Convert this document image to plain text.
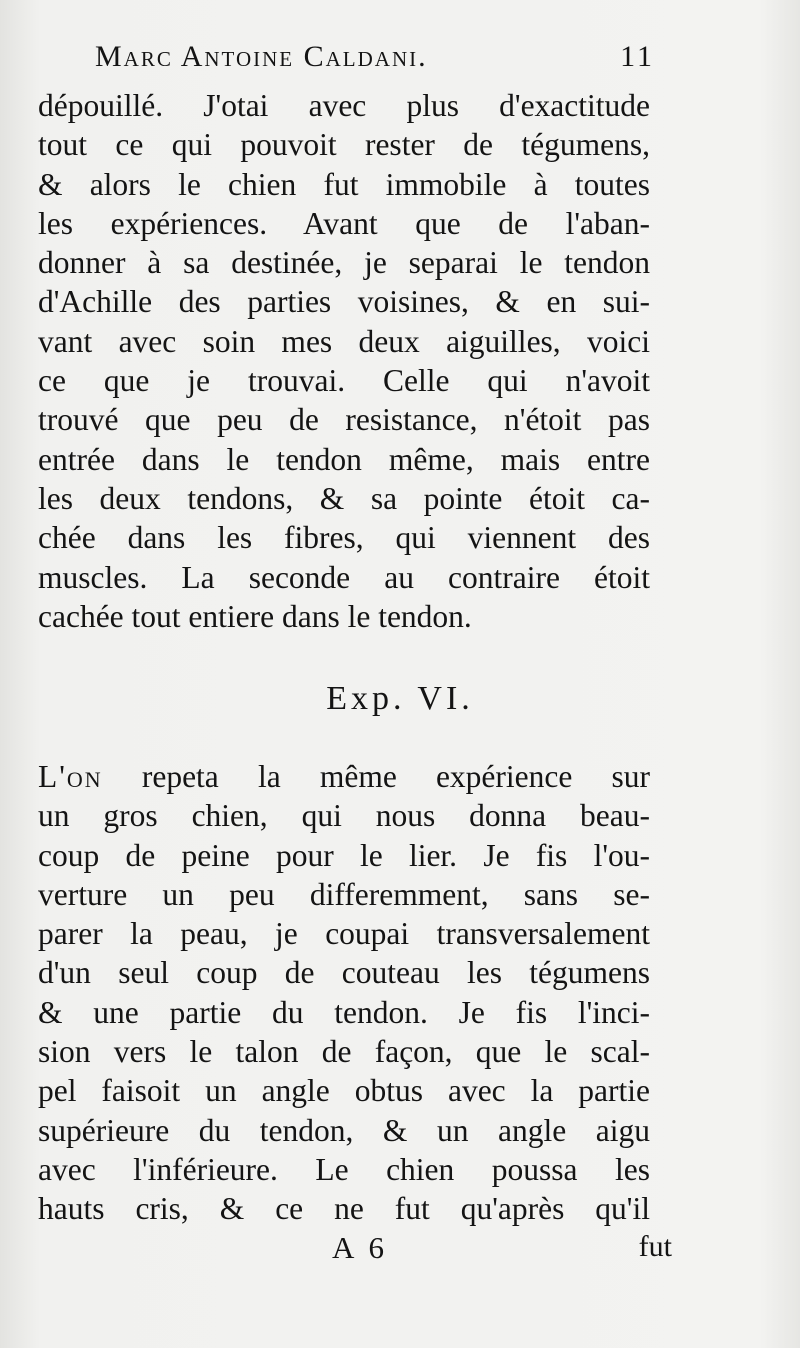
Marc Antoine Caldani.	11

dépouillé. J'otai avec plus d'exactitude
tout ce qui pouvoit rester de tégumens,
& alors le chien fut immobile à toutes
les expériences. Avant que de l'aban-
donner à sa destinée, je separai le tendon
d'Achille des parties voisines, & en sui-
vant avec soin mes deux aiguilles, voici
ce que je trouvai. Celle qui n'avoit
trouvé que peu de resistance, n'étoit pas
entrée dans le tendon même, mais entre
les deux tendons, & sa pointe étoit ca-
chée dans les fibres, qui viennent des
muscles. La seconde au contraire étoit
cachée tout entiere dans le tendon.

Exp. VI.

L'on repeta la même expérience sur
un gros chien, qui nous donna beau-
coup de peine pour le lier. Je fis l'ou-
verture un peu differemment, sans se-
parer la peau, je coupai transversalement
d'un seul coup de couteau les tégumens
& une partie du tendon. Je fis l'inci-
sion vers le talon de façon, que le scal-
pel faisoit un angle obtus avec la partie
supérieure du tendon, & un angle aigu
avec l'inférieure. Le chien poussa les
hauts cris, & ce ne fut qu'après qu'il

A 6	fut
